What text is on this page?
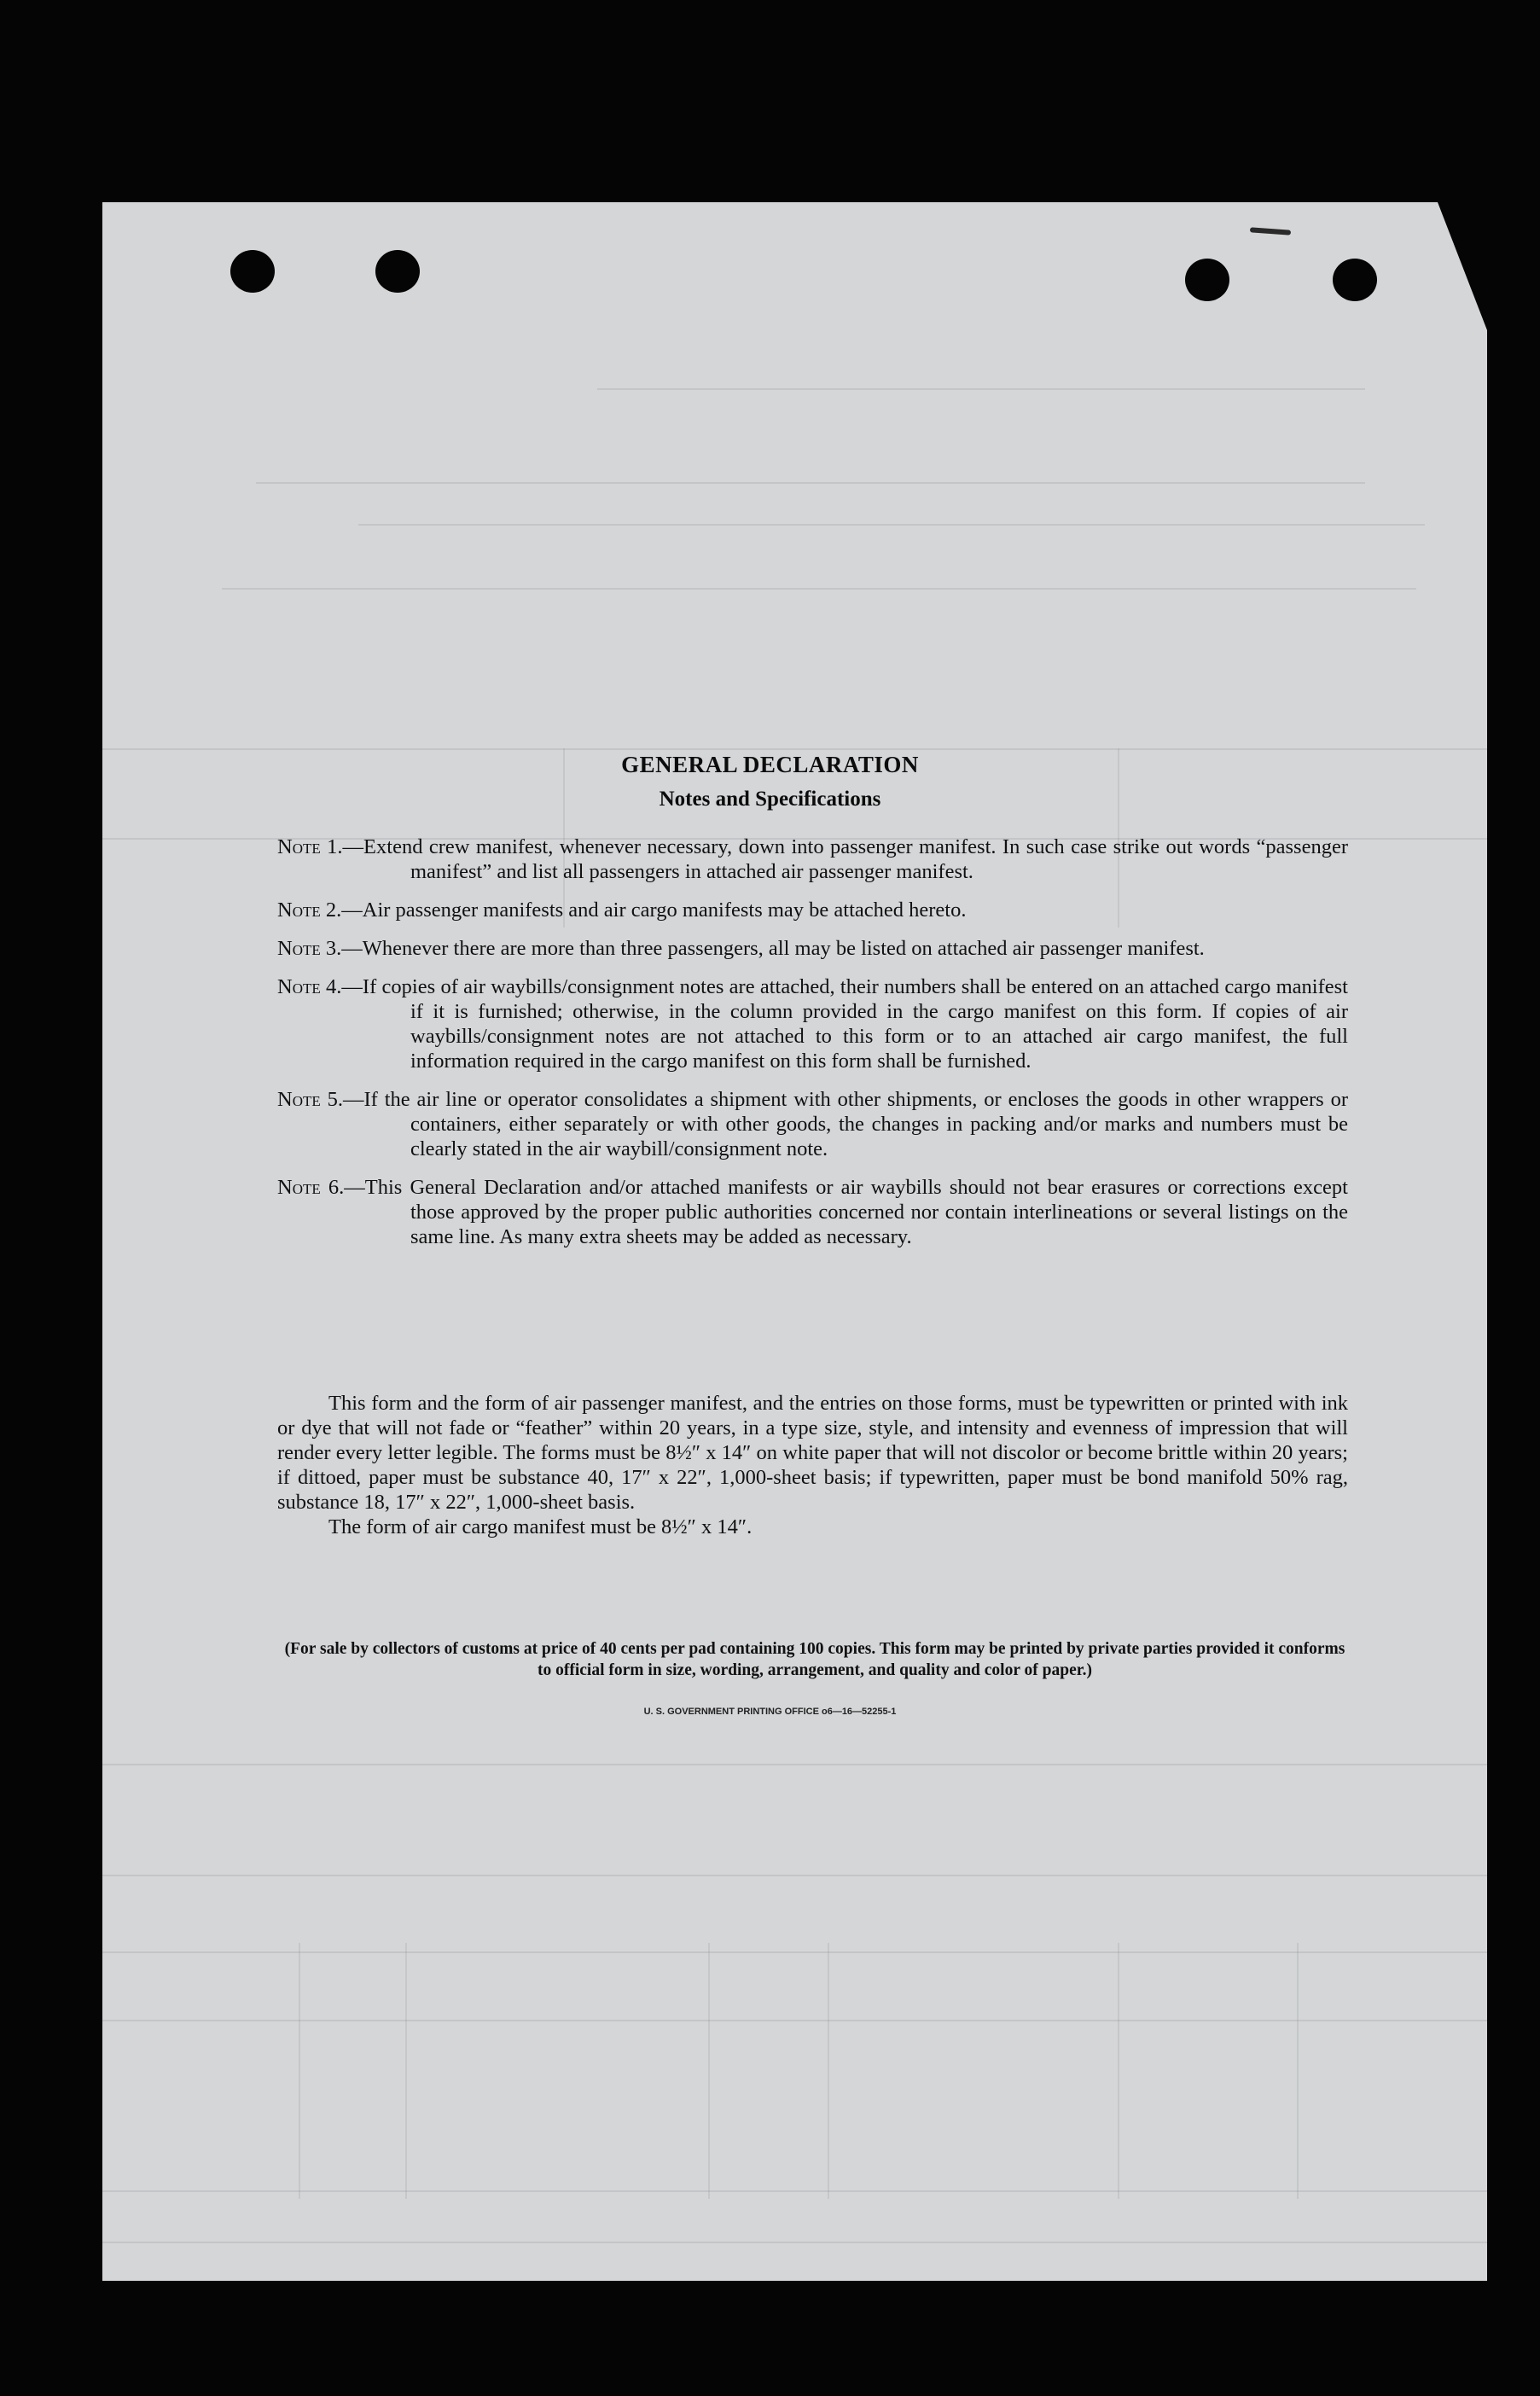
GENERAL DECLARATION
Notes and Specifications
Note 1.—Extend crew manifest, whenever necessary, down into passenger manifest. In such case strike out words “passenger manifest” and list all passengers in attached air passenger manifest.
Note 2.—Air passenger manifests and air cargo manifests may be attached hereto.
Note 3.—Whenever there are more than three passengers, all may be listed on attached air passenger manifest.
Note 4.—If copies of air waybills/consignment notes are attached, their numbers shall be entered on an attached cargo manifest if it is furnished; otherwise, in the column provided in the cargo manifest on this form. If copies of air waybills/consignment notes are not attached to this form or to an attached air cargo manifest, the full information required in the cargo manifest on this form shall be furnished.
Note 5.—If the air line or operator consolidates a shipment with other shipments, or encloses the goods in other wrappers or containers, either separately or with other goods, the changes in packing and/or marks and numbers must be clearly stated in the air waybill/consignment note.
Note 6.—This General Declaration and/or attached manifests or air waybills should not bear erasures or corrections except those approved by the proper public authorities concerned nor contain interlineations or several listings on the same line. As many extra sheets may be added as necessary.

This form and the form of air passenger manifest, and the entries on those forms, must be typewritten or printed with ink or dye that will not fade or “feather” within 20 years, in a type size, style, and intensity and evenness of impression that will render every letter legible. The forms must be 8½″ x 14″ on white paper that will not discolor or become brittle within 20 years; if dittoed, paper must be substance 40, 17″ x 22″, 1,000-sheet basis; if typewritten, paper must be bond manifold 50% rag, substance 18, 17″ x 22″, 1,000-sheet basis.

The form of air cargo manifest must be 8½″ x 14″.

(For sale by collectors of customs at price of 40 cents per pad containing 100 copies. This form may be printed by private parties provided it conforms to official form in size, wording, arrangement, and quality and color of paper.)
U. S. GOVERNMENT PRINTING OFFICE o6—16—52255-1
